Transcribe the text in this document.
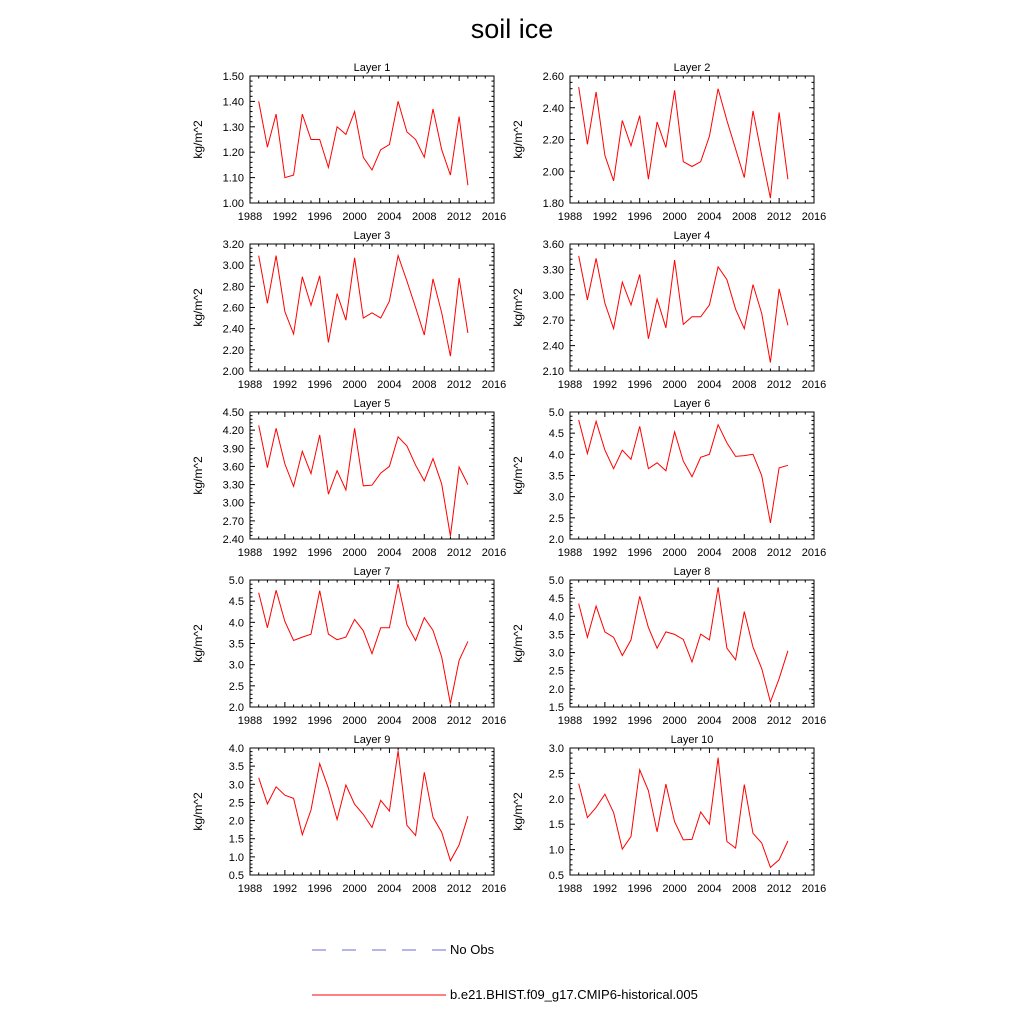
soil ice
Layer 1
kg/m^2
1988 1992 1996 2000 2004 2008 2012 2016
1.00
1.10
1.20
1.30
1.40
1.50
Layer 2
kg/m^2
1988 1992 1996 2000 2004 2008 2012 2016
1.80
2.00
2.20
2.40
2.60
Layer 3
kg/m^2
1988 1992 1996 2000 2004 2008 2012 2016
2.00
2.20
2.40
2.60
2.80
3.00
3.20
Layer 4
kg/m^2
1988 1992 1996 2000 2004 2008 2012 2016
2.10
2.40
2.70
3.00
3.30
3.60
Layer 5
kg/m^2
1988 1992 1996 2000 2004 2008 2012 2016
2.40
2.70
3.00
3.30
3.60
3.90
4.20
4.50
Layer 6
kg/m^2
1988 1992 1996 2000 2004 2008 2012 2016
2.0
2.5
3.0
3.5
4.0
4.5
5.0
Layer 7
kg/m^2
1988 1992 1996 2000 2004 2008 2012 2016
2.0
2.5
3.0
3.5
4.0
4.5
5.0
Layer 8
kg/m^2
1988 1992 1996 2000 2004 2008 2012 2016
1.5
2.0
2.5
3.0
3.5
4.0
4.5
5.0
Layer 9
kg/m^2
1988 1992 1996 2000 2004 2008 2012 2016
0.5
1.0
1.5
2.0
2.5
3.0
3.5
4.0
Layer 10
kg/m^2
1988 1992 1996 2000 2004 2008 2012 2016
0.5
1.0
1.5
2.0
2.5
3.0
No Obs
b.e21.BHIST.f09_g17.CMIP6-historical.005
